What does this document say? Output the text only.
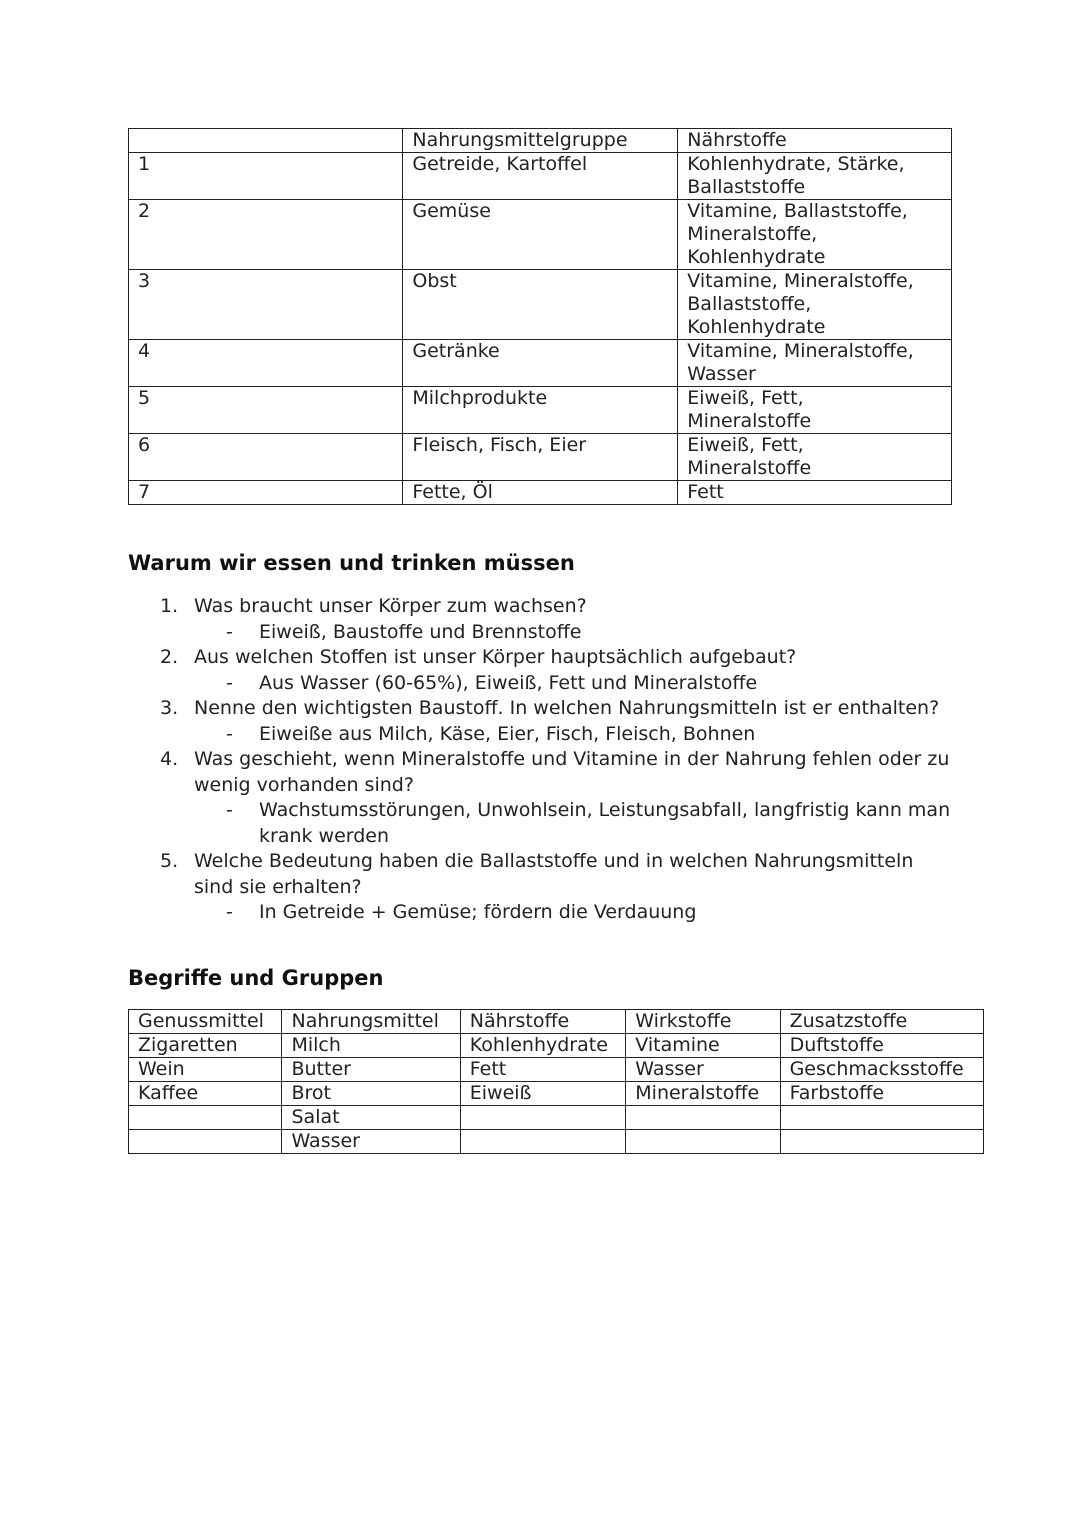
	Nahrungsmittelgruppe	Nährstoffe
1	Getreide, Kartoffel	Kohlenhydrate, Stärke,
Ballaststoffe
2	Gemüse	Vitamine, Ballaststoffe,
Mineralstoffe,
Kohlenhydrate
3	Obst	Vitamine, Mineralstoffe,
Ballaststoffe,
Kohlenhydrate
4	Getränke	Vitamine, Mineralstoffe,
Wasser
5	Milchprodukte	Eiweiß, Fett,
Mineralstoffe
6	Fleisch, Fisch, Eier	Eiweiß, Fett,
Mineralstoffe
7	Fette, Öl	Fett
Warum wir essen und trinken müssen
1. Was braucht unser Körper zum wachsen?
- Eiweiß, Baustoffe und Brennstoffe
2. Aus welchen Stoffen ist unser Körper hauptsächlich aufgebaut?
- Aus Wasser (60-65%), Eiweiß, Fett und Mineralstoffe
3. Nenne den wichtigsten Baustoff. In welchen Nahrungsmitteln ist er enthalten?
- Eiweiße aus Milch, Käse, Eier, Fisch, Fleisch, Bohnen
4. Was geschieht, wenn Mineralstoffe und Vitamine in der Nahrung fehlen oder zu wenig vorhanden sind?
- Wachstumsstörungen, Unwohlsein, Leistungsabfall, langfristig kann man krank werden
5. Welche Bedeutung haben die Ballaststoffe und in welchen Nahrungsmitteln sind sie erhalten?
- In Getreide + Gemüse; fördern die Verdauung
Begriffe und Gruppen
Genussmittel	Nahrungsmittel	Nährstoffe	Wirkstoffe	Zusatzstoffe
Zigaretten	Milch	Kohlenhydrate	Vitamine	Duftstoffe
Wein	Butter	Fett	Wasser	Geschmacksstoffe
Kaffee	Brot	Eiweiß	Mineralstoffe	Farbstoffe
	Salat			
	Wasser			
